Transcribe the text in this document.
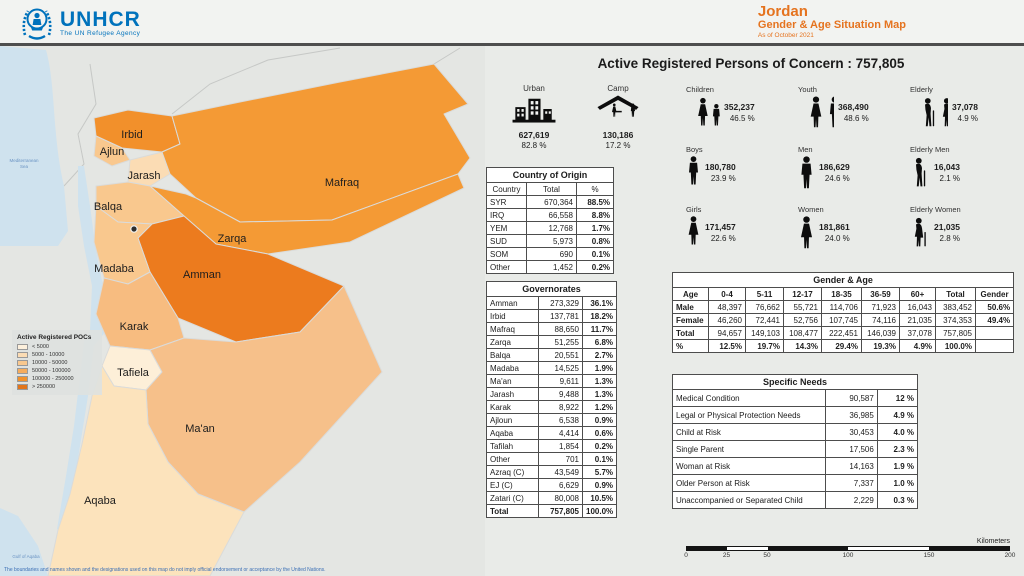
UNHCR
The UN Refugee Agency
Jordan
Gender & Age Situation Map
As of October 2021
Irbid
Ajlun
Jarash
Balqa
Mafraq
Zarqa
Madaba	Amman
Karak
Tafiela
Ma'an
Aqaba
Mediterranean
Sea
Gulf of Aqaba
Active Registered POCs
< 5000
5000 - 10000
10000 - 50000
50000 - 100000
100000 - 250000
> 250000
Active Registered Persons of Concern : 757,805
Urban
627,619
82.8 %
Camp
130,186
17.2 %
Children
352,237
46.5 %
Youth
368,490
48.6 %
Elderly
37,078
4.9 %
Boys
180,780
23.9 %
Men
186,629
24.6 %
Elderly Men
16,043
2.1 %
Girls
171,457
22.6 %
Women
181,861
24.0 %
Elderly Women
21,035
2.8 %
Country of Origin		
Country	Total	%
SYR	670,364	88.5%
IRQ	66,558	8.8%
YEM	12,768	1.7%
SUD	5,973	0.8%
SOM	690	0.1%
Other	1,452	0.2%
Governorates		
Amman	273,329	36.1%
Irbid	137,781	18.2%
Mafraq	88,650	11.7%
Zarqa	51,255	6.8%
Balqa	20,551	2.7%
Madaba	14,525	1.9%
Ma'an	9,611	1.3%
Jarash	9,488	1.3%
Karak	8,922	1.2%
Ajloun	6,538	0.9%
Aqaba	4,414	0.6%
Tafilah	1,854	0.2%
Other	701	0.1%
Azraq (C)	43,549	5.7%
EJ (C)	6,629	0.9%
Zatari (C)	80,008	10.5%
Total	757,805	100.0%
Gender & Age								
Age	0-4	5-11	12-17	18-35	36-59	60+	Total	Gender
Male	48,397	76,662	55,721	114,706	71,923	16,043	383,452	50.6%
Female	46,260	72,441	52,756	107,745	74,116	21,035	374,353	49.4%
Total	94,657	149,103	108,477	222,451	146,039	37,078	757,805	
%	12.5%	19.7%	14.3%	29.4%	19.3%	4.9%	100.0%	
Specific Needs		
Medical Condition	90,587	12 %
Legal or Physical Protection Needs	36,985	4.9 %
Child at Risk	30,453	4.0 %
Single Parent	17,506	2.3 %
Woman at Risk	14,163	1.9 %
Older Person at Risk	7,337	1.0 %
Unaccompanied or Separated Child	2,229	0.3 %
Kilometers
0	25	50	100	150	200
The boundaries and names shown and the designations used on this map do not imply official endorsement or acceptance by the United Nations.
